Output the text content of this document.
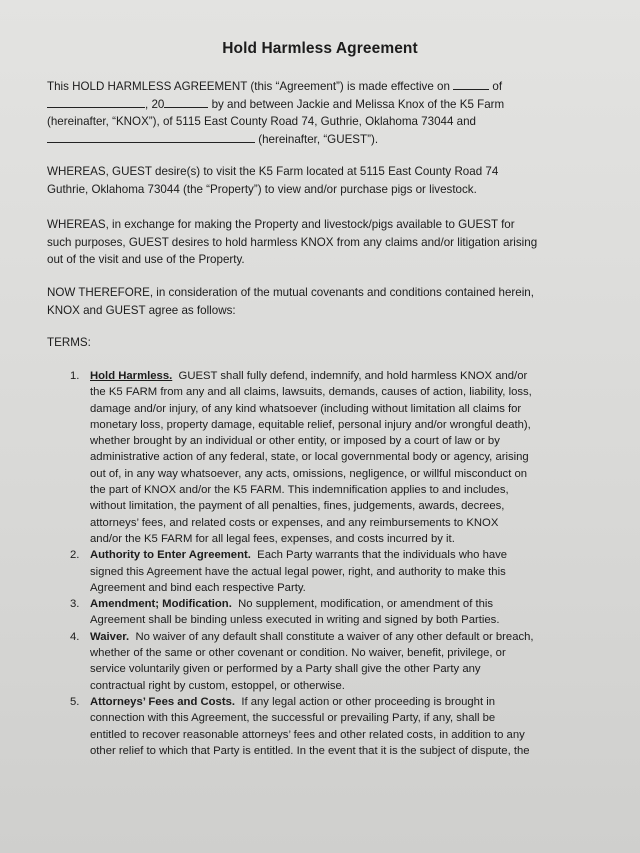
Hold Harmless Agreement
This HOLD HARMLESS AGREEMENT (this “Agreement”) is made effective on	of
, 20	by and between Jackie and Melissa Knox of the K5 Farm
(hereinafter, “KNOX”), of 5115 East County Road 74, Guthrie, Oklahoma 73044 and
(hereinafter, “GUEST”).
WHEREAS, GUEST desire(s) to visit the K5 Farm located at 5115 East County Road 74
Guthrie, Oklahoma 73044 (the “Property”) to view and/or purchase pigs or livestock.
WHEREAS, in exchange for making the Property and livestock/pigs available to GUEST for
such purposes, GUEST desires to hold harmless KNOX from any claims and/or litigation arising
out of the visit and use of the Property.
NOW THEREFORE, in consideration of the mutual covenants and conditions contained herein,
KNOX and GUEST agree as follows:
TERMS:
1. Hold Harmless. GUEST shall fully defend, indemnify, and hold harmless KNOX and/or
the K5 FARM from any and all claims, lawsuits, demands, causes of action, liability, loss,
damage and/or injury, of any kind whatsoever (including without limitation all claims for
monetary loss, property damage, equitable relief, personal injury and/or wrongful death),
whether brought by an individual or other entity, or imposed by a court of law or by
administrative action of any federal, state, or local governmental body or agency, arising
out of, in any way whatsoever, any acts, omissions, negligence, or willful misconduct on
the part of KNOX and/or the K5 FARM. This indemnification applies to and includes,
without limitation, the payment of all penalties, fines, judgements, awards, decrees,
attorneys’ fees, and related costs or expenses, and any reimbursements to KNOX
and/or the K5 FARM for all legal fees, expenses, and costs incurred by it.
2. Authority to Enter Agreement. Each Party warrants that the individuals who have
signed this Agreement have the actual legal power, right, and authority to make this
Agreement and bind each respective Party.
3. Amendment; Modification. No supplement, modification, or amendment of this
Agreement shall be binding unless executed in writing and signed by both Parties.
4. Waiver. No waiver of any default shall constitute a waiver of any other default or breach,
whether of the same or other covenant or condition. No waiver, benefit, privilege, or
service voluntarily given or performed by a Party shall give the other Party any
contractual right by custom, estoppel, or otherwise.
5. Attorneys’ Fees and Costs. If any legal action or other proceeding is brought in
connection with this Agreement, the successful or prevailing Party, if any, shall be
entitled to recover reasonable attorneys’ fees and other related costs, in addition to any
other relief to which that Party is entitled. In the event that it is the subject of dispute, the
